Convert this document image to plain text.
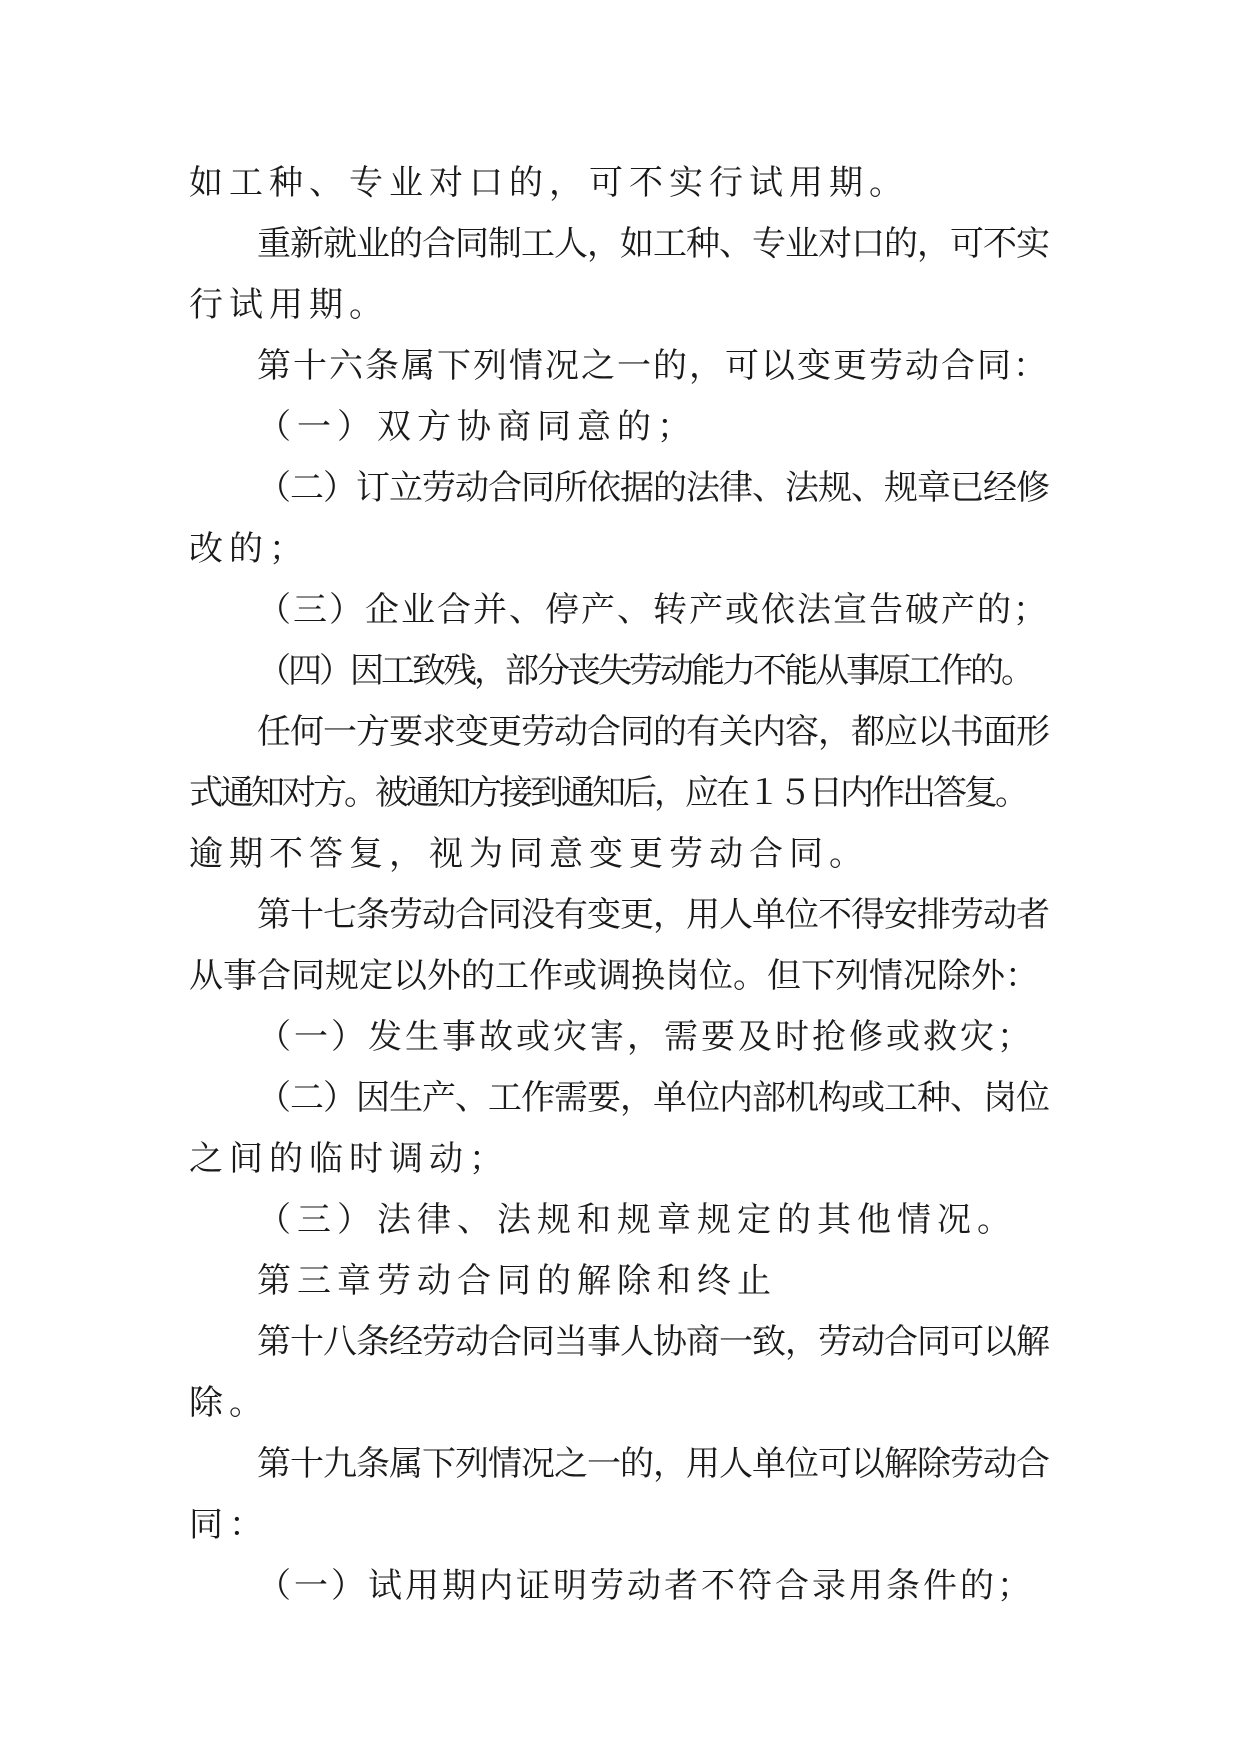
如工种、专业对口的，可不实行试用期。
重新就业的合同制工人，如工种、专业对口的，可不实
行试用期。
第十六条属下列情况之一的，可以变更劳动合同：
（一）双方协商同意的；
（二）订立劳动合同所依据的法律、法规、规章已经修
改的；
（三）企业合并、停产、转产或依法宣告破产的；
（四）因工致残，部分丧失劳动能力不能从事原工作的。
任何一方要求变更劳动合同的有关内容，都应以书面形
式通知对方。被通知方接到通知后，应在１５日内作出答复。
逾期不答复，视为同意变更劳动合同。
第十七条劳动合同没有变更，用人单位不得安排劳动者
从事合同规定以外的工作或调换岗位。但下列情况除外：
（一）发生事故或灾害，需要及时抢修或救灾；
（二）因生产、工作需要，单位内部机构或工种、岗位
之间的临时调动；
（三）法律、法规和规章规定的其他情况。
第三章劳动合同的解除和终止
第十八条经劳动合同当事人协商一致，劳动合同可以解
除。
第十九条属下列情况之一的，用人单位可以解除劳动合
同：
（一）试用期内证明劳动者不符合录用条件的；
